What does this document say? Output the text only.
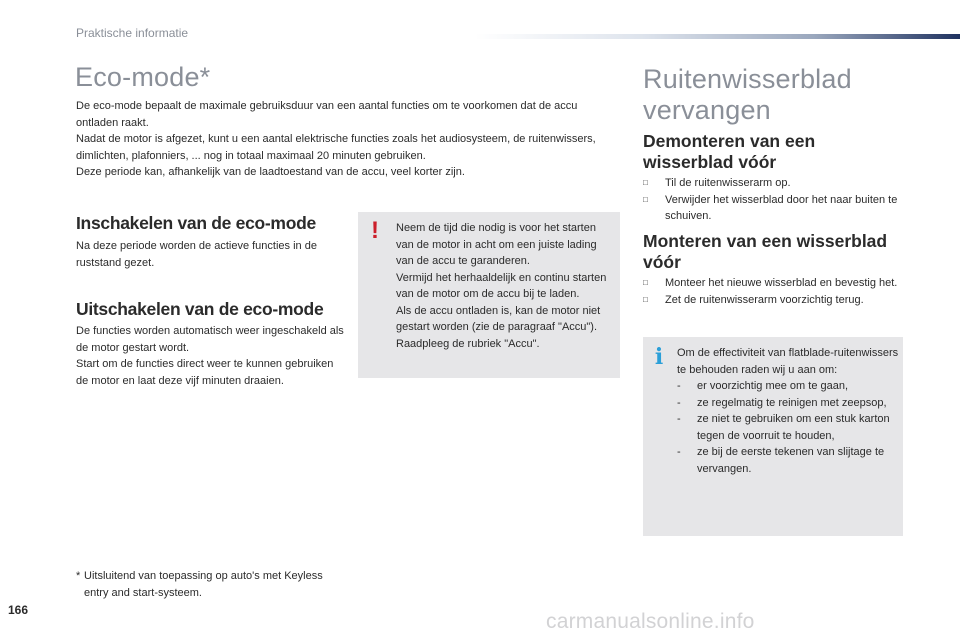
Praktische informatie
Eco-mode*
De eco-mode bepaalt de maximale gebruiksduur van een aantal functies om te voorkomen dat de accu ontladen raakt.
Nadat de motor is afgezet, kunt u een aantal elektrische functies zoals het audiosysteem, de ruitenwissers, dimlichten, plafonniers, ... nog in totaal maximaal 20 minuten gebruiken.
Deze periode kan, afhankelijk van de laadtoestand van de accu, veel korter zijn.
Inschakelen van de eco-mode
Na deze periode worden de actieve functies in de ruststand gezet.
Uitschakelen van de eco-mode
De functies worden automatisch weer ingeschakeld als de motor gestart wordt.
Start om de functies direct weer te kunnen gebruiken de motor en laat deze vijf minuten draaien.
! Neem de tijd die nodig is voor het starten van de motor in acht om een juiste lading van de accu te garanderen.
Vermijd het herhaaldelijk en continu starten van de motor om de accu bij te laden.
Als de accu ontladen is, kan de motor niet gestart worden (zie de paragraaf "Accu").
Raadpleeg de rubriek "Accu".
* Uitsluitend van toepassing op auto's met Keyless entry and start-systeem.
Ruitenwisserblad vervangen
Demonteren van een wisserblad vóór
□	Til de ruitenwisserarm op.
□	Verwijder het wisserblad door het naar buiten te schuiven.
Monteren van een wisserblad vóór
□	Monteer het nieuwe wisserblad en bevestig het.
□	Zet de ruitenwisserarm voorzichtig terug.
i	Om de effectiviteit van flatblade-ruitenwissers te behouden raden wij u aan om:
-	er voorzichtig mee om te gaan,
-	ze regelmatig te reinigen met zeepsop,
-	ze niet te gebruiken om een stuk karton tegen de voorruit te houden,
-	ze bij de eerste tekenen van slijtage te vervangen.
166	carmanualsonline.info
